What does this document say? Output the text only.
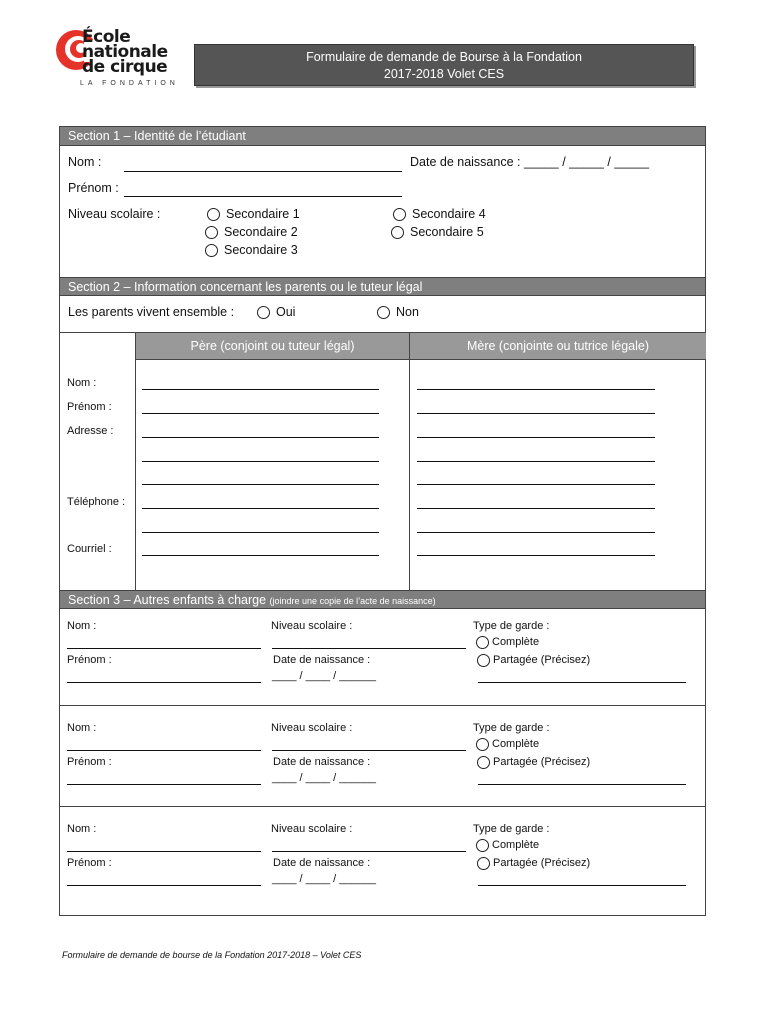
École
nationale
de cirque
LA FONDATION
Formulaire de demande de Bourse à la Fondation
2017-2018 Volet CES
Section 1 – Identité de l’étudiant
Nom :	Date de naissance : _____ / _____ / _____
Prénom :
Niveau scolaire :	Secondaire 1
Secondaire 2
Secondaire 3
Secondaire 4
Secondaire 5
Section 2 – Information concernant les parents ou le tuteur légal
Les parents vivent ensemble :	Oui	Non
Père (conjoint ou tuteur légal)	Mère (conjointe ou tutrice légale)
Nom :
Prénom :
Adresse :
Téléphone :
Courriel :
Section 3 – Autres enfants à charge (joindre une copie de l’acte de naissance)
Nom :
Prénom :
Niveau scolaire :
Date de naissance :
____ / ____ / ______
Type de garde :
Complète
Partagée (Précisez)
Nom :
Prénom :
Niveau scolaire :
Date de naissance :
____ / ____ / ______
Type de garde :
Complète
Partagée (Précisez)
Nom :
Prénom :
Niveau scolaire :
Date de naissance :
____ / ____ / ______
Type de garde :
Complète
Partagée (Précisez)
Formulaire de demande de bourse de la Fondation 2017-2018 – Volet CES
